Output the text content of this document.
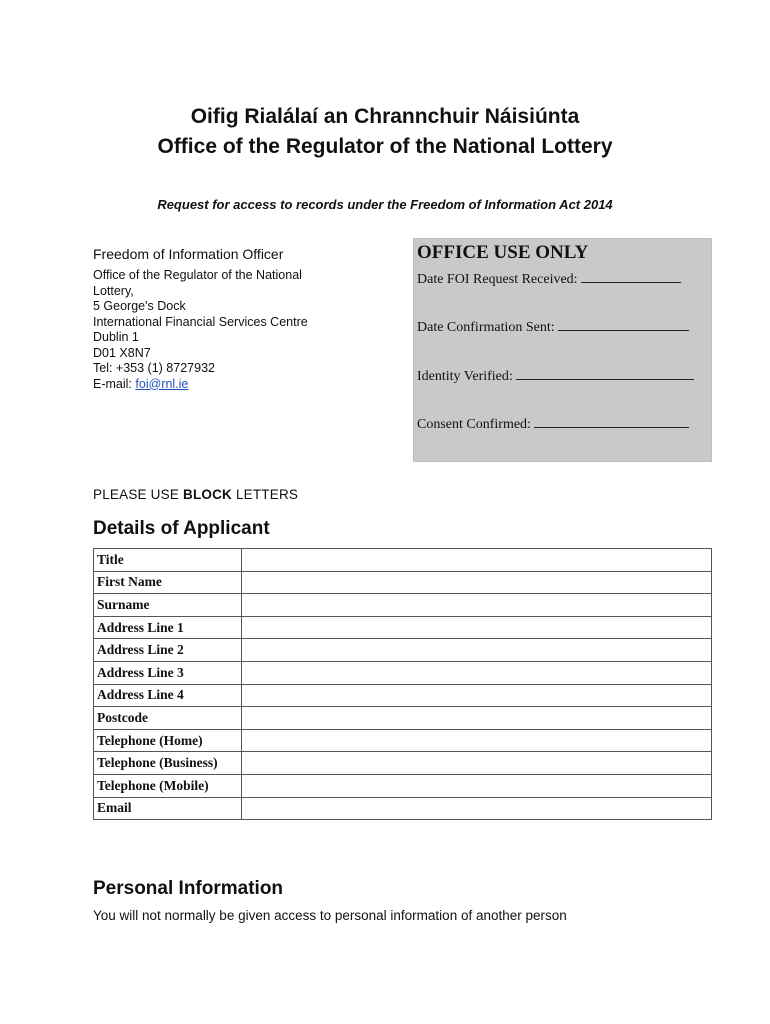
Oifig Rialálaí an Chrannchuir Náisiúnta
Office of the Regulator of the National Lottery
Request for access to records under the Freedom of Information Act 2014
Freedom of Information Officer
Office of the Regulator of the National
Lottery,
5 George's Dock
International Financial Services Centre
Dublin 1
D01 X8N7
Tel: +353 (1) 8727932
E-mail: foi@rnl.ie
OFFICE USE ONLY
Date FOI Request Received:
Date Confirmation Sent:
Identity Verified:
Consent Confirmed:
PLEASE USE BLOCK LETTERS
Details of Applicant
Title	
First Name	
Surname	
Address Line 1	
Address Line 2	
Address Line 3	
Address Line 4	
Postcode	
Telephone (Home)	
Telephone (Business)	
Telephone (Mobile)	
Email	
Personal Information
You will not normally be given access to personal information of another person
